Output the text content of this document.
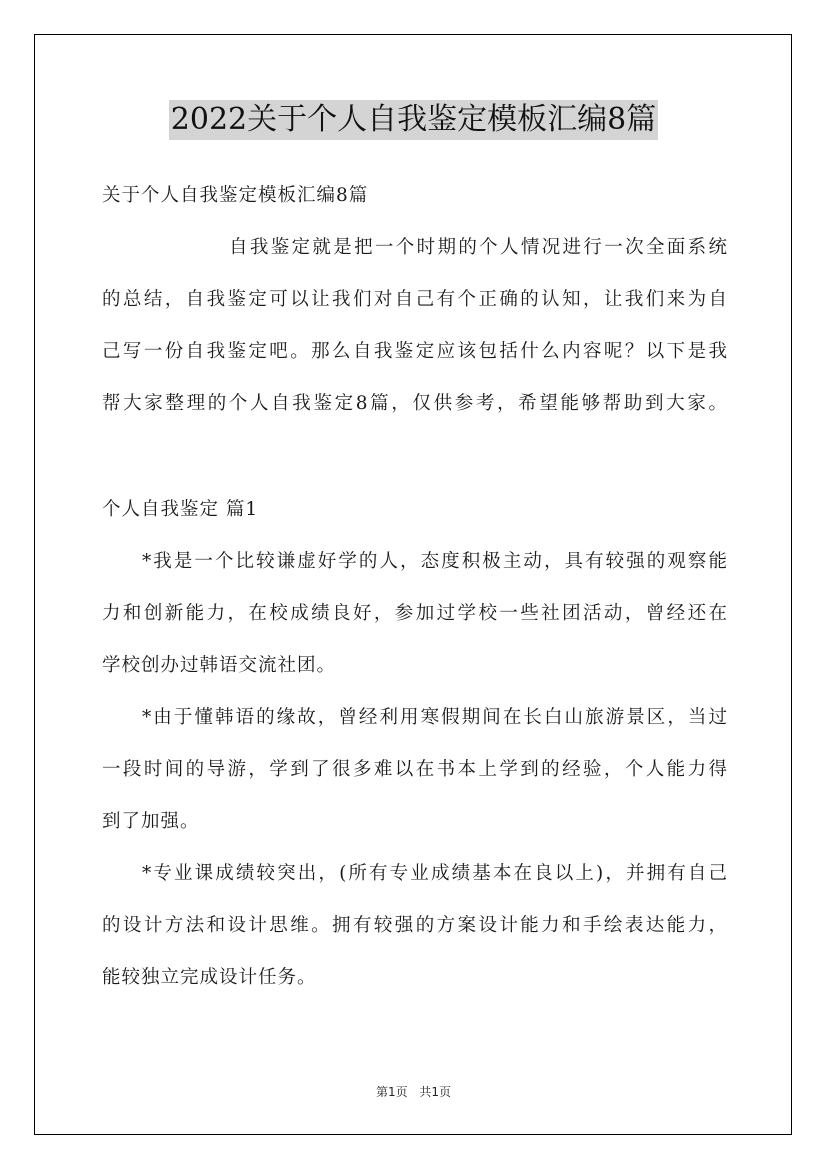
2022关于个人自我鉴定模板汇编8篇
关于个人自我鉴定模板汇编8篇
自我鉴定就是把一个时期的个人情况进行一次全面系统
的总结，自我鉴定可以让我们对自己有个正确的认知，让我们来为自
己写一份自我鉴定吧。那么自我鉴定应该包括什么内容呢？以下是我
帮大家整理的个人自我鉴定8篇，仅供参考，希望能够帮助到大家。
个人自我鉴定 篇1
*我是一个比较谦虚好学的人，态度积极主动，具有较强的观察能
力和创新能力，在校成绩良好，参加过学校一些社团活动，曾经还在
学校创办过韩语交流社团。
*由于懂韩语的缘故，曾经利用寒假期间在长白山旅游景区，当过
一段时间的导游，学到了很多难以在书本上学到的经验，个人能力得
到了加强。
*专业课成绩较突出，(所有专业成绩基本在良以上)，并拥有自己
的设计方法和设计思维。拥有较强的方案设计能力和手绘表达能力，
能较独立完成设计任务。
第1页 共1页
